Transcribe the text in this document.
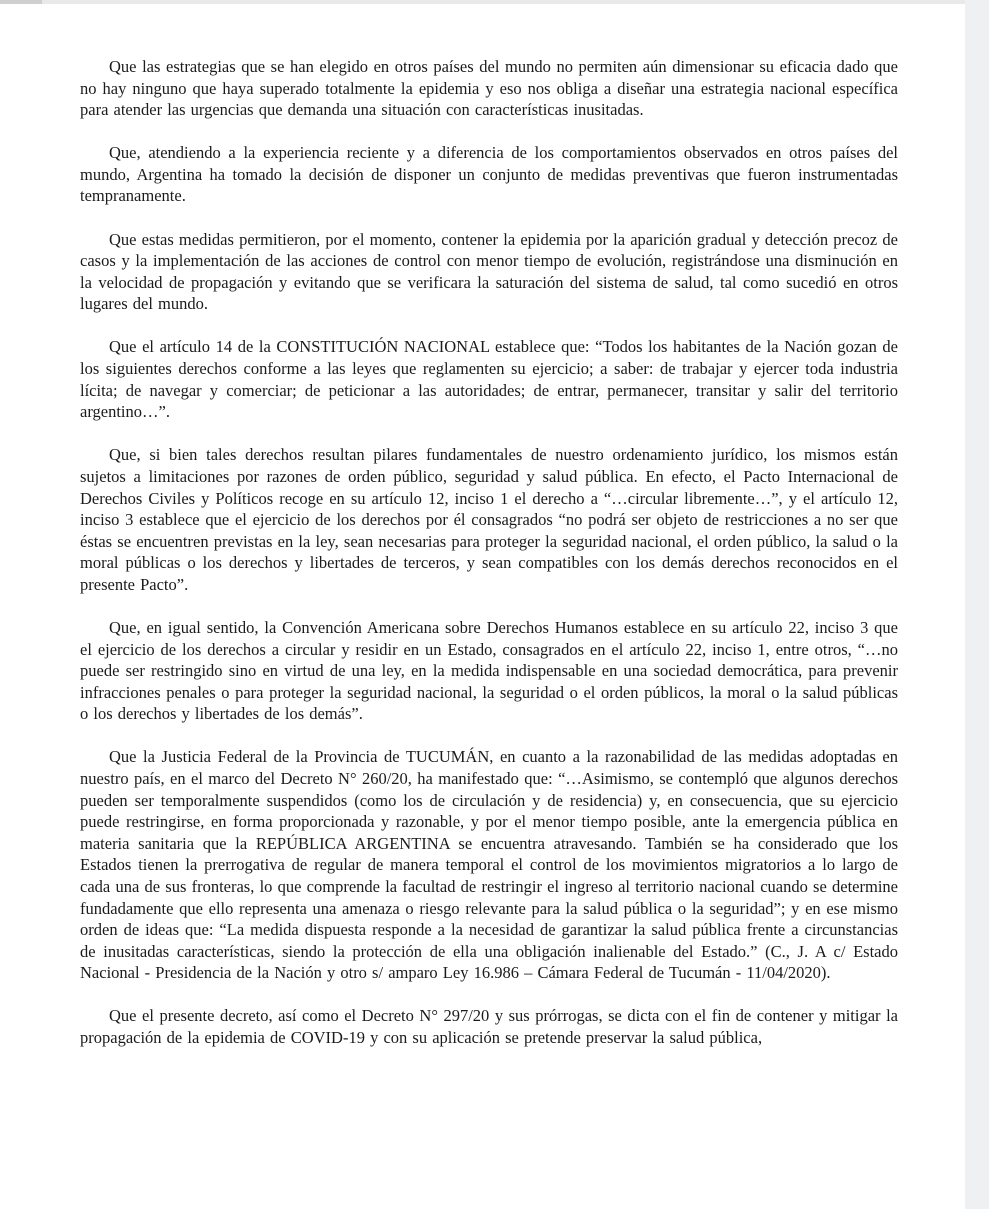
Que las estrategias que se han elegido en otros países del mundo no permiten aún dimensionar su eficacia dado que no hay ninguno que haya superado totalmente la epidemia y eso nos obliga a diseñar una estrategia nacional específica para atender las urgencias que demanda una situación con características inusitadas.

Que, atendiendo a la experiencia reciente y a diferencia de los comportamientos observados en otros países del mundo, Argentina ha tomado la decisión de disponer un conjunto de medidas preventivas que fueron instrumentadas tempranamente.

Que estas medidas permitieron, por el momento, contener la epidemia por la aparición gradual y detección precoz de casos y la implementación de las acciones de control con menor tiempo de evolución, registrándose una disminución en la velocidad de propagación y evitando que se verificara la saturación del sistema de salud, tal como sucedió en otros lugares del mundo.

Que el artículo 14 de la CONSTITUCIÓN NACIONAL establece que: “Todos los habitantes de la Nación gozan de los siguientes derechos conforme a las leyes que reglamenten su ejercicio; a saber: de trabajar y ejercer toda industria lícita; de navegar y comerciar; de peticionar a las autoridades; de entrar, permanecer, transitar y salir del territorio argentino…”.

Que, si bien tales derechos resultan pilares fundamentales de nuestro ordenamiento jurídico, los mismos están sujetos a limitaciones por razones de orden público, seguridad y salud pública. En efecto, el Pacto Internacional de Derechos Civiles y Políticos recoge en su artículo 12, inciso 1 el derecho a “…circular libremente…”, y el artículo 12, inciso 3 establece que el ejercicio de los derechos por él consagrados “no podrá ser objeto de restricciones a no ser que éstas se encuentren previstas en la ley, sean necesarias para proteger la seguridad nacional, el orden público, la salud o la moral públicas o los derechos y libertades de terceros, y sean compatibles con los demás derechos reconocidos en el presente Pacto”.

Que, en igual sentido, la Convención Americana sobre Derechos Humanos establece en su artículo 22, inciso 3 que el ejercicio de los derechos a circular y residir en un Estado, consagrados en el artículo 22, inciso 1, entre otros, “…no puede ser restringido sino en virtud de una ley, en la medida indispensable en una sociedad democrática, para prevenir infracciones penales o para proteger la seguridad nacional, la seguridad o el orden públicos, la moral o la salud públicas o los derechos y libertades de los demás”.

Que la Justicia Federal de la Provincia de TUCUMÁN, en cuanto a la razonabilidad de las medidas adoptadas en nuestro país, en el marco del Decreto N° 260/20, ha manifestado que: “…Asimismo, se contempló que algunos derechos pueden ser temporalmente suspendidos (como los de circulación y de residencia) y, en consecuencia, que su ejercicio puede restringirse, en forma proporcionada y razonable, y por el menor tiempo posible, ante la emergencia pública en materia sanitaria que la REPÚBLICA ARGENTINA se encuentra atravesando. También se ha considerado que los Estados tienen la prerrogativa de regular de manera temporal el control de los movimientos migratorios a lo largo de cada una de sus fronteras, lo que comprende la facultad de restringir el ingreso al territorio nacional cuando se determine fundadamente que ello representa una amenaza o riesgo relevante para la salud pública o la seguridad”; y en ese mismo orden de ideas que: “La medida dispuesta responde a la necesidad de garantizar la salud pública frente a circunstancias de inusitadas características, siendo la protección de ella una obligación inalienable del Estado.” (C., J. A c/ Estado Nacional - Presidencia de la Nación y otro s/ amparo Ley 16.986 – Cámara Federal de Tucumán - 11/04/2020).

Que el presente decreto, así como el Decreto N° 297/20 y sus prórrogas, se dicta con el fin de contener y mitigar la propagación de la epidemia de COVID-19 y con su aplicación se pretende preservar la salud pública,
